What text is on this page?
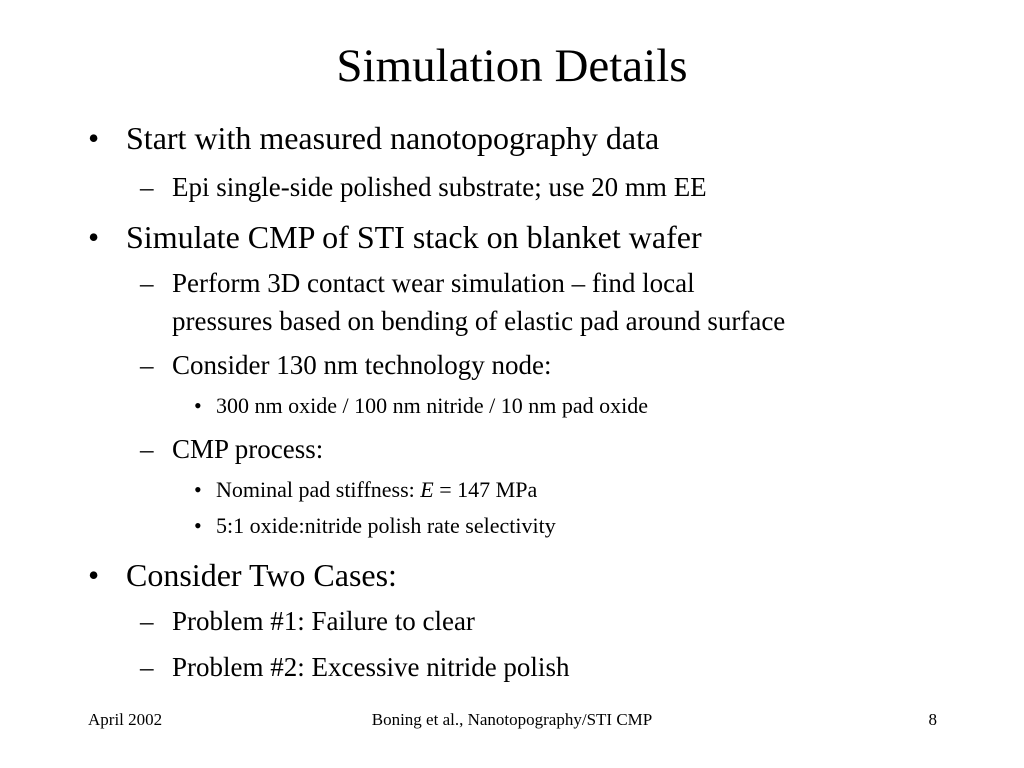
Simulation Details
• Start with measured nanotopography data
– Epi single-side polished substrate; use 20 mm EE
• Simulate CMP of STI stack on blanket wafer
– Perform 3D contact wear simulation – find local
pressures based on bending of elastic pad around surface
– Consider 130 nm technology node:
• 300 nm oxide / 100 nm nitride / 10 nm pad oxide
– CMP process:
• Nominal pad stiffness: E = 147 MPa
• 5:1 oxide:nitride polish rate selectivity
• Consider Two Cases:
– Problem #1: Failure to clear
– Problem #2: Excessive nitride polish
April 2002	Boning et al., Nanotopography/STI CMP	8
